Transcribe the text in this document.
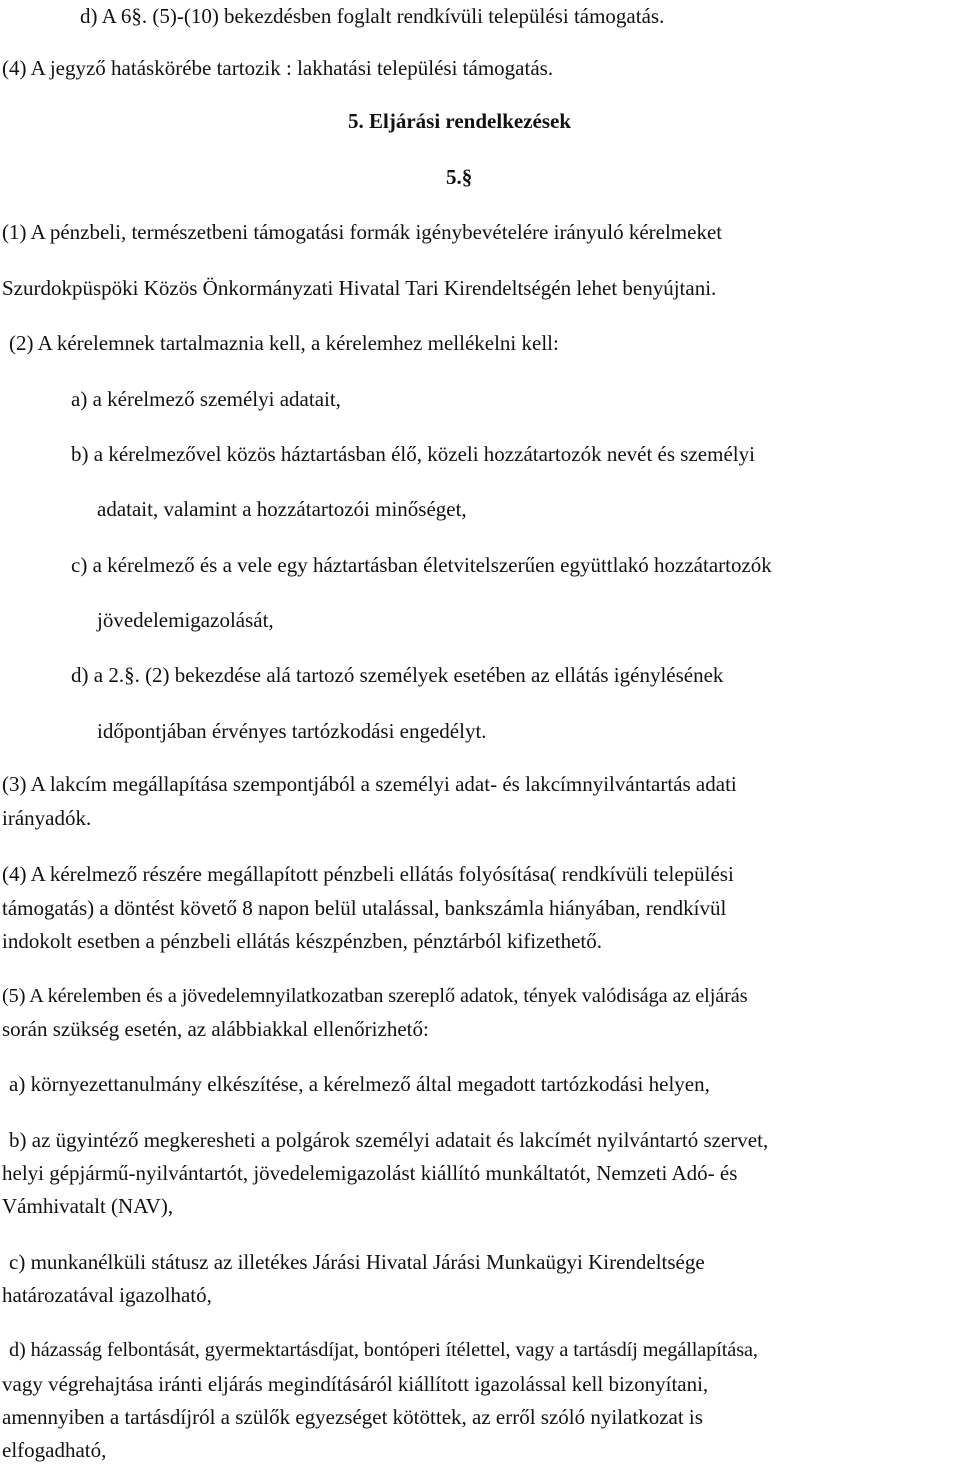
d) A 6§. (5)-(10) bekezdésben foglalt rendkívüli települési támogatás.

(4) A jegyző hatáskörébe tartozik : lakhatási települési támogatás.

5. Eljárási rendelkezések

5.§

(1) A pénzbeli, természetbeni támogatási formák igénybevételére irányuló kérelmeket

Szurdokpüspöki Közös Önkormányzati Hivatal Tari Kirendeltségén lehet benyújtani.

(2) A kérelemnek tartalmaznia kell, a kérelemhez mellékelni kell:

a) a kérelmező személyi adatait,

b) a kérelmezővel közös háztartásban élő, közeli hozzátartozók nevét és személyi

adatait, valamint a hozzátartozói minőséget,

c) a kérelmező és a vele egy háztartásban életvitelszerűen együttlakó hozzátartozók

jövedelemigazolását,

d) a 2.§. (2) bekezdése alá tartozó személyek esetében az ellátás igénylésének

időpontjában érvényes tartózkodási engedélyt.

(3) A lakcím megállapítása szempontjából a személyi adat- és lakcímnyilvántartás adati

irányadók.

(4) A kérelmező részére megállapított pénzbeli ellátás folyósítása( rendkívüli települési

támogatás) a döntést követő 8 napon belül utalással, bankszámla hiányában, rendkívül

indokolt esetben a pénzbeli ellátás készpénzben, pénztárból kifizethető.

(5) A kérelemben és a jövedelemnyilatkozatban szereplő adatok, tények valódisága az eljárás

során szükség esetén, az alábbiakkal ellenőrizhető:

a) környezettanulmány elkészítése, a kérelmező által megadott tartózkodási helyen,

b) az ügyintéző megkeresheti a polgárok személyi adatait és lakcímét nyilvántartó szervet,

helyi gépjármű-nyilvántartót, jövedelemigazolást kiállító munkáltatót, Nemzeti Adó- és

Vámhivatalt (NAV),

c) munkanélküli státusz az illetékes Járási Hivatal Járási Munkaügyi Kirendeltsége

határozatával igazolható,

d) házasság felbontását, gyermektartásdíjat, bontóperi ítélettel, vagy a tartásdíj megállapítása,

vagy végrehajtása iránti eljárás megindításáról kiállított igazolással kell bizonyítani,

amennyiben a tartásdíjról a szülők egyezséget kötöttek, az erről szóló nyilatkozat is

elfogadható,
